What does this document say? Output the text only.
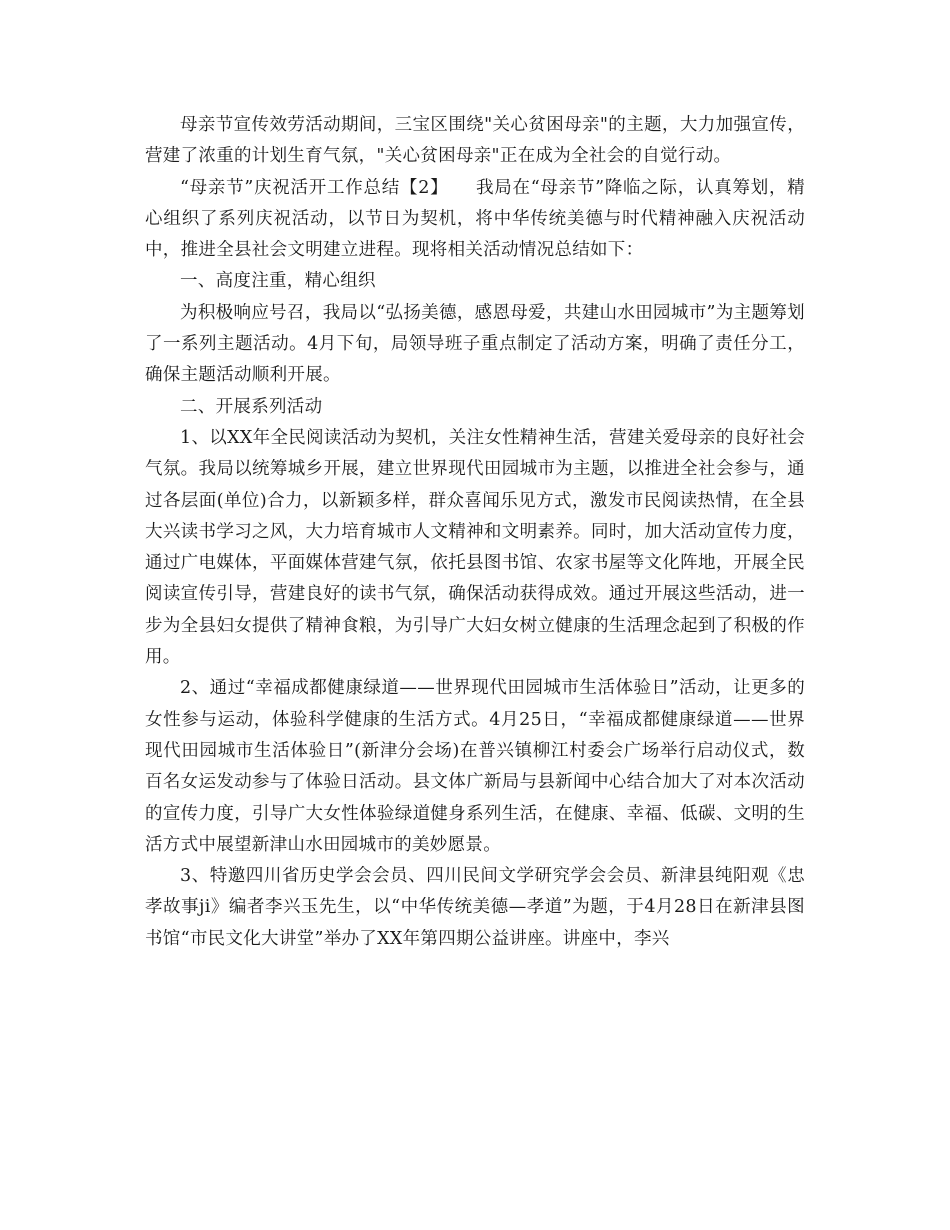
母亲节宣传效劳活动期间，三宝区围绕"关心贫困母亲"的主题，大力加强宣传，营建了浓重的计划生育气氛，"关心贫困母亲"正在成为全社会的自觉行动。

“母亲节”庆祝活开工作总结【2】　　我局在“母亲节”降临之际，认真筹划，精心组织了系列庆祝活动，以节日为契机，将中华传统美德与时代精神融入庆祝活动中，推进全县社会文明建立进程。现将相关活动情况总结如下：

一、高度注重，精心组织

为积极响应号召，我局以“弘扬美德，感恩母爱，共建山水田园城市”为主题筹划了一系列主题活动。4月下旬，局领导班子重点制定了活动方案，明确了责任分工，确保主题活动顺利开展。

二、开展系列活动

1、以XX年全民阅读活动为契机，关注女性精神生活，营建关爱母亲的良好社会气氛。我局以统筹城乡开展，建立世界现代田园城市为主题，以推进全社会参与，通过各层面(单位)合力，以新颖多样，群众喜闻乐见方式，激发市民阅读热情，在全县大兴读书学习之风，大力培育城市人文精神和文明素养。同时，加大活动宣传力度，通过广电媒体，平面媒体营建气氛，依托县图书馆、农家书屋等文化阵地，开展全民阅读宣传引导，营建良好的读书气氛，确保活动获得成效。通过开展这些活动，进一步为全县妇女提供了精神食粮，为引导广大妇女树立健康的生活理念起到了积极的作用。

2、通过“幸福成都健康绿道——世界现代田园城市生活体验日”活动，让更多的女性参与运动，体验科学健康的生活方式。4月25日，“幸福成都健康绿道——世界现代田园城市生活体验日”(新津分会场)在普兴镇柳江村委会广场举行启动仪式，数百名女运发动参与了体验日活动。县文体广新局与县新闻中心结合加大了对本次活动的宣传力度，引导广大女性体验绿道健身系列生活，在健康、幸福、低碳、文明的生活方式中展望新津山水田园城市的美妙愿景。

3、特邀四川省历史学会会员、四川民间文学研究学会会员、新津县纯阳观《忠孝故事ji》编者李兴玉先生，以“中华传统美德—孝道”为题，于4月28日在新津县图书馆“市民文化大讲堂”举办了XX年第四期公益讲座。讲座中，李兴
